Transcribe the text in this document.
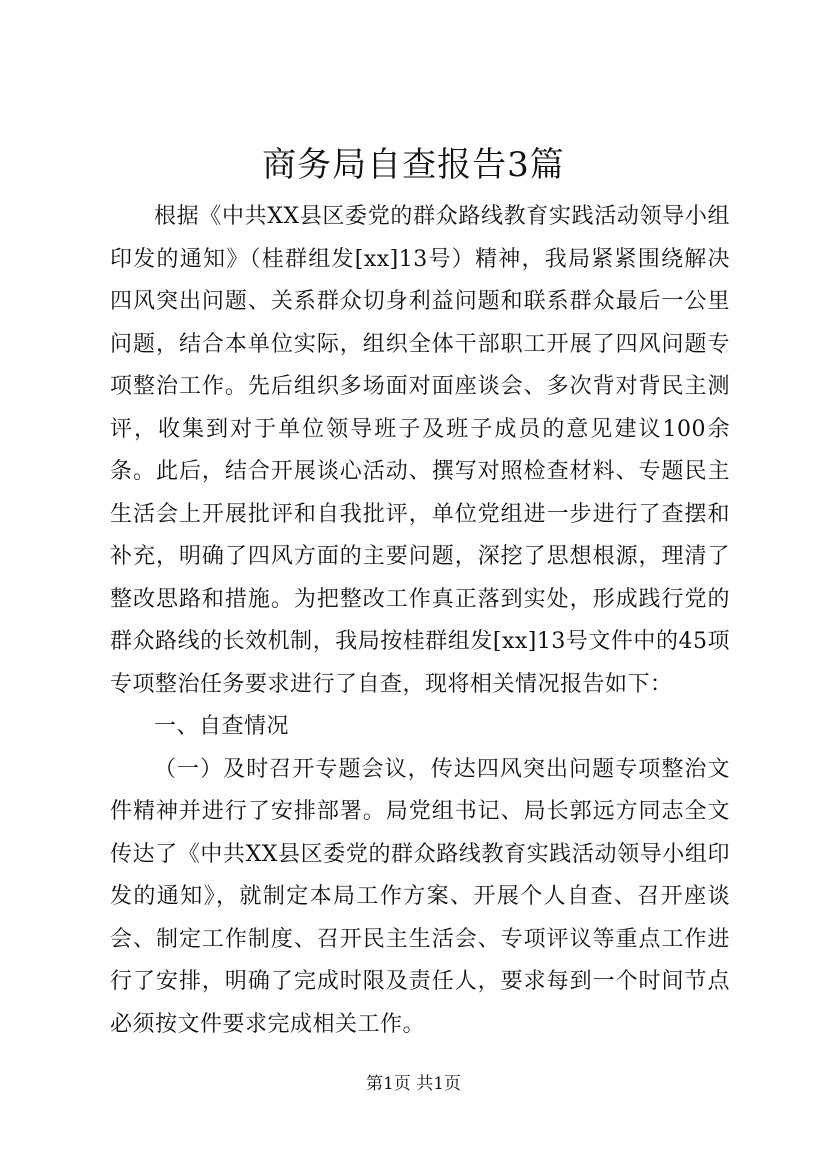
商务局自查报告3篇

根据《中共XX县区委党的群众路线教育实践活动领导小组印发的通知》（桂群组发[xx]13号）精神，我局紧紧围绕解决四风突出问题、关系群众切身利益问题和联系群众最后一公里问题，结合本单位实际，组织全体干部职工开展了四风问题专项整治工作。先后组织多场面对面座谈会、多次背对背民主测评，收集到对于单位领导班子及班子成员的意见建议100余条。此后，结合开展谈心活动、撰写对照检查材料、专题民主生活会上开展批评和自我批评，单位党组进一步进行了查摆和补充，明确了四风方面的主要问题，深挖了思想根源，理清了整改思路和措施。为把整改工作真正落到实处，形成践行党的群众路线的长效机制，我局按桂群组发[xx]13号文件中的45项专项整治任务要求进行了自查，现将相关情况报告如下：

一、自查情况

（一）及时召开专题会议，传达四风突出问题专项整治文件精神并进行了安排部署。局党组书记、局长郭远方同志全文传达了《中共XX县区委党的群众路线教育实践活动领导小组印发的通知》，就制定本局工作方案、开展个人自查、召开座谈会、制定工作制度、召开民主生活会、专项评议等重点工作进行了安排，明确了完成时限及责任人，要求每到一个时间节点必须按文件要求完成相关工作。

第1页 共1页
